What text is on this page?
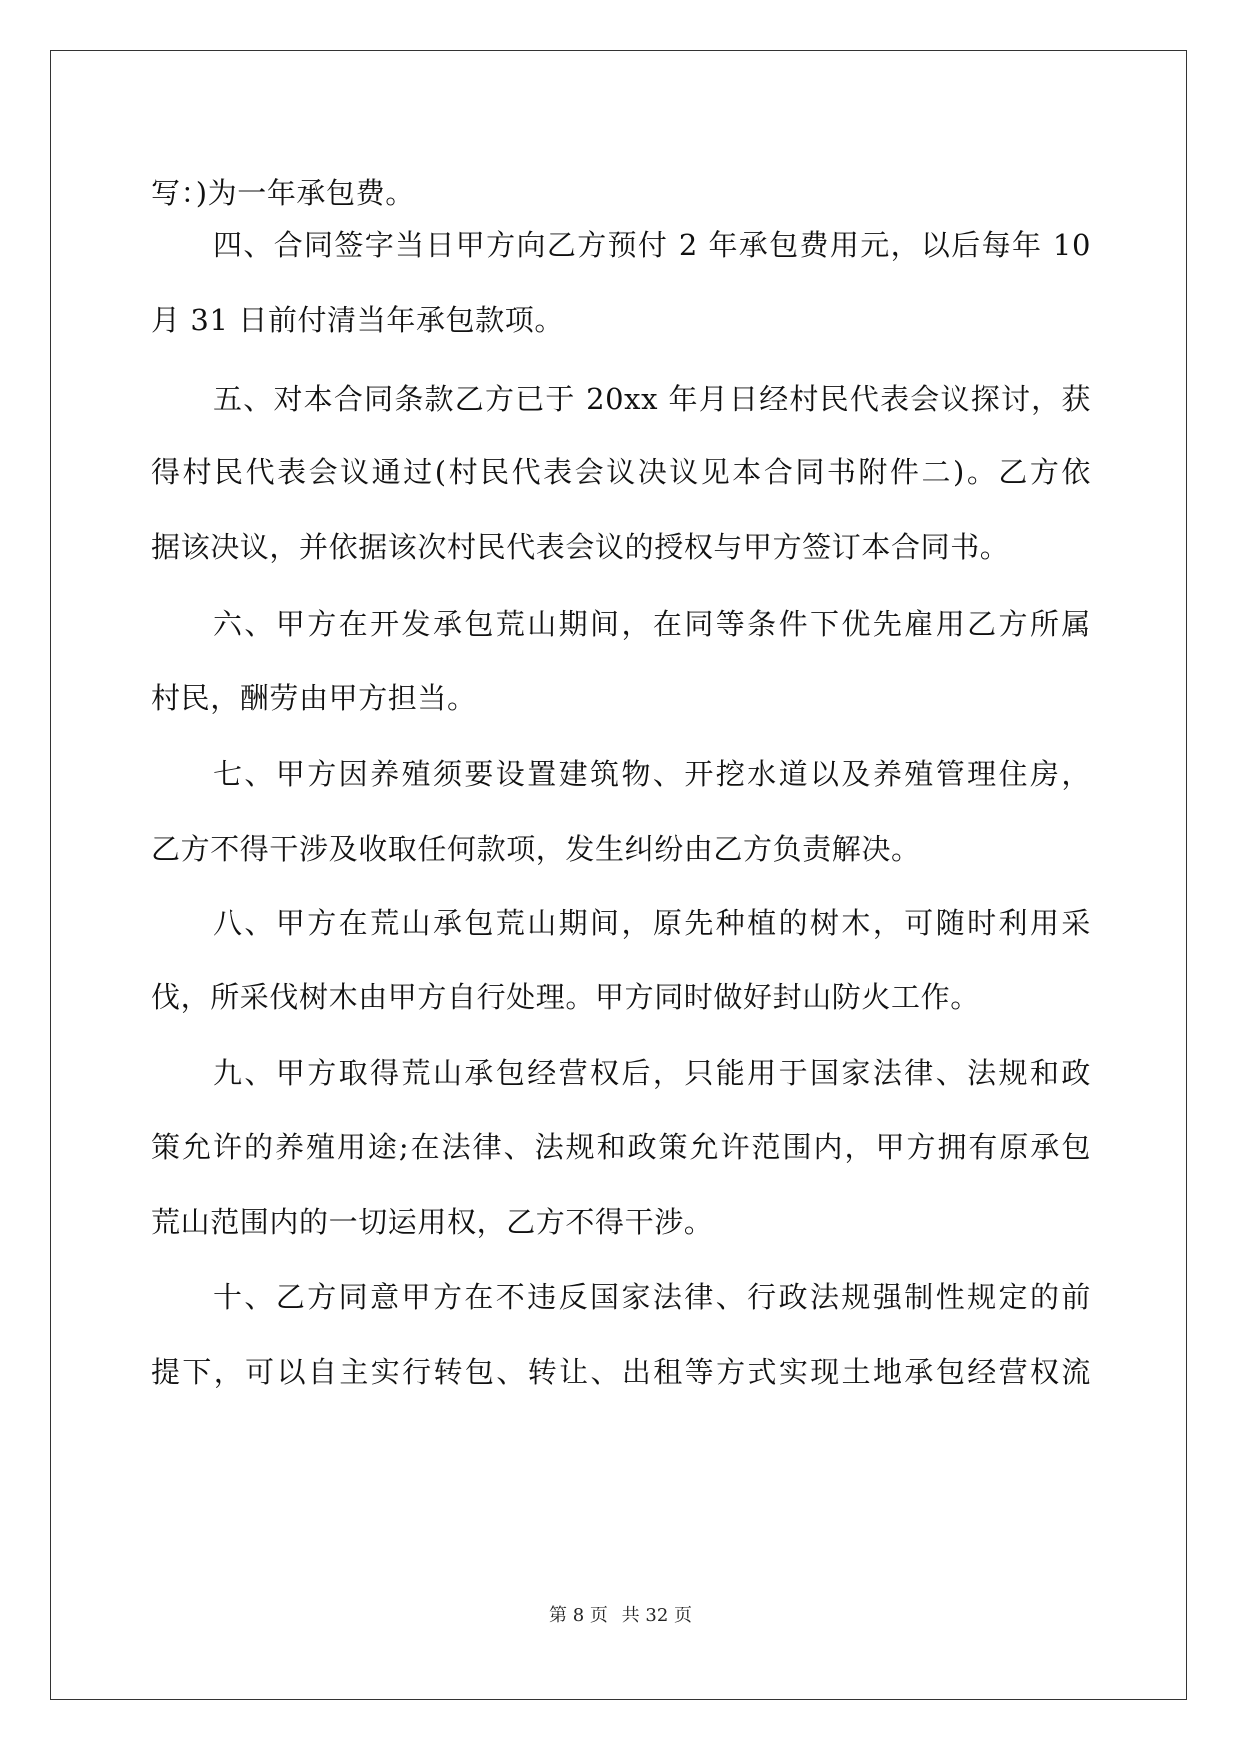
写：)为一年承包费。
四、合同签字当日甲方向乙方预付 2 年承包费用元，以后每年 10
月 31 日前付清当年承包款项。
五、对本合同条款乙方已于 20xx 年月日经村民代表会议探讨，获
得村民代表会议通过(村民代表会议决议见本合同书附件二)。乙方依
据该决议，并依据该次村民代表会议的授权与甲方签订本合同书。
六、甲方在开发承包荒山期间，在同等条件下优先雇用乙方所属
村民，酬劳由甲方担当。
七、甲方因养殖须要设置建筑物、开挖水道以及养殖管理住房，
乙方不得干涉及收取任何款项，发生纠纷由乙方负责解决。
八、甲方在荒山承包荒山期间，原先种植的树木，可随时利用采
伐，所采伐树木由甲方自行处理。甲方同时做好封山防火工作。
九、甲方取得荒山承包经营权后，只能用于国家法律、法规和政
策允许的养殖用途;在法律、法规和政策允许范围内，甲方拥有原承包
荒山范围内的一切运用权，乙方不得干涉。
十、乙方同意甲方在不违反国家法律、行政法规强制性规定的前
提下，可以自主实行转包、转让、出租等方式实现土地承包经营权流
第 8 页 共 32 页
